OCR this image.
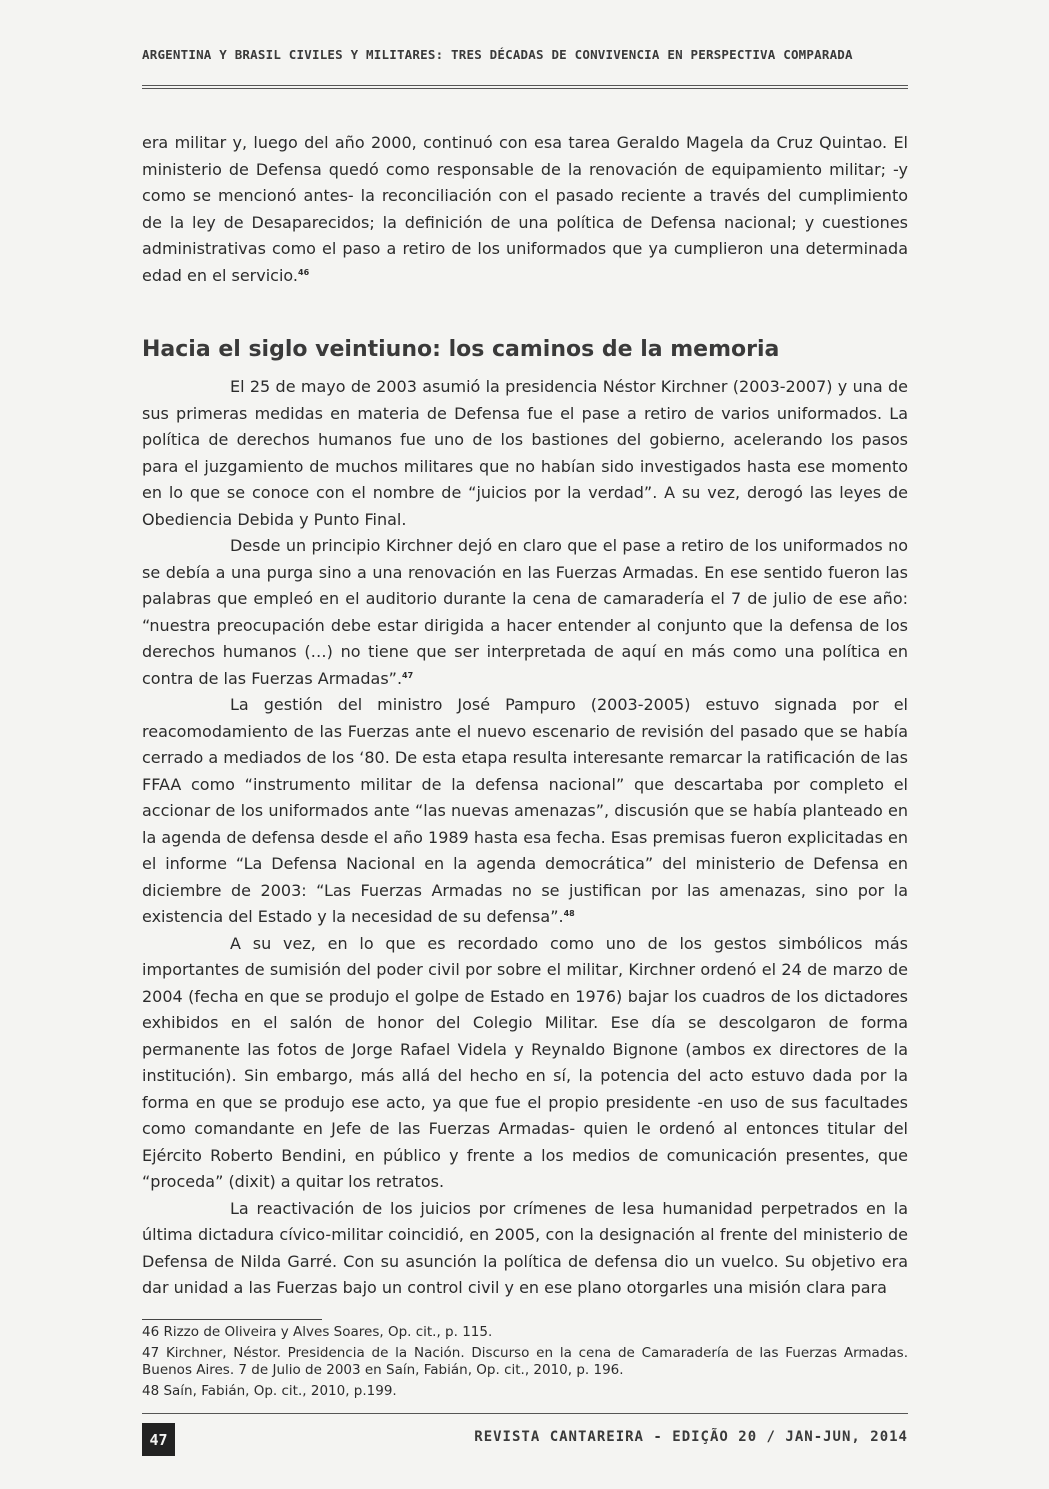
ARGENTINA Y BRASIL CIVILES Y MILITARES: TRES DÉCADAS DE CONVIVENCIA EN PERSPECTIVA COMPARADA

era militar y, luego del año 2000, continuó con esa tarea Geraldo Magela da Cruz Quintao. El ministerio de Defensa quedó como responsable de la renovación de equipamiento militar; -y como se mencionó antes- la reconciliación con el pasado reciente a través del cumplimiento de la ley de Desaparecidos; la definición de una política de Defensa nacional; y cuestiones administrativas como el paso a retiro de los uniformados que ya cumplieron una determinada edad en el servicio.$^{46}$

Hacia el siglo veintiuno: los caminos de la memoria

El 25 de mayo de 2003 asumió la presidencia Néstor Kirchner (2003-2007) y una de sus primeras medidas en materia de Defensa fue el pase a retiro de varios uniformados. La política de derechos humanos fue uno de los bastiones del gobierno, acelerando los pasos para el juzgamiento de muchos militares que no habían sido investigados hasta ese momento en lo que se conoce con el nombre de “juicios por la verdad”. A su vez, derogó las leyes de Obediencia Debida y Punto Final.

Desde un principio Kirchner dejó en claro que el pase a retiro de los uniformados no se debía a una purga sino a una renovación en las Fuerzas Armadas. En ese sentido fueron las palabras que empleó en el auditorio durante la cena de camaradería el 7 de julio de ese año: “nuestra preocupación debe estar dirigida a hacer entender al conjunto que la defensa de los derechos humanos (…) no tiene que ser interpretada de aquí en más como una política en contra de las Fuerzas Armadas”.$^{47}$

La gestión del ministro José Pampuro (2003-2005) estuvo signada por el reacomodamiento de las Fuerzas ante el nuevo escenario de revisión del pasado que se había cerrado a mediados de los ‘80. De esta etapa resulta interesante remarcar la ratificación de las FFAA como “instrumento militar de la defensa nacional” que descartaba por completo el accionar de los uniformados ante “las nuevas amenazas”, discusión que se había planteado en la agenda de defensa desde el año 1989 hasta esa fecha. Esas premisas fueron explicitadas en el informe “La Defensa Nacional en la agenda democrática” del ministerio de Defensa en diciembre de 2003: “Las Fuerzas Armadas no se justifican por las amenazas, sino por la existencia del Estado y la necesidad de su defensa”.$^{48}$

A su vez, en lo que es recordado como uno de los gestos simbólicos más importantes de sumisión del poder civil por sobre el militar, Kirchner ordenó el 24 de marzo de 2004 (fecha en que se produjo el golpe de Estado en 1976) bajar los cuadros de los dictadores exhibidos en el salón de honor del Colegio Militar. Ese día se descolgaron de forma permanente las fotos de Jorge Rafael Videla y Reynaldo Bignone (ambos ex directores de la institución). Sin embargo, más allá del hecho en sí, la potencia del acto estuvo dada por la forma en que se produjo ese acto, ya que fue el propio presidente -en uso de sus facultades como comandante en Jefe de las Fuerzas Armadas- quien le ordenó al entonces titular del Ejército Roberto Bendini, en público y frente a los medios de comunicación presentes, que “proceda” (dixit) a quitar los retratos.

La reactivación de los juicios por crímenes de lesa humanidad perpetrados en la última dictadura cívico-militar coincidió, en 2005, con la designación al frente del ministerio de Defensa de Nilda Garré. Con su asunción la política de defensa dio un vuelco. Su objetivo era dar unidad a las Fuerzas bajo un control civil y en ese plano otorgarles una misión clara para

46 Rizzo de Oliveira y Alves Soares, Op. cit., p. 115.

47 Kirchner, Néstor. Presidencia de la Nación. Discurso en la cena de Camaradería de las Fuerzas Armadas. Buenos Aires. 7 de Julio de 2003 en Saín, Fabián, Op. cit., 2010, p. 196.

48 Saín, Fabián, Op. cit., 2010, p.199.

47	REVISTA CANTAREIRA - EDIÇÃO 20 / JAN-JUN, 2014
